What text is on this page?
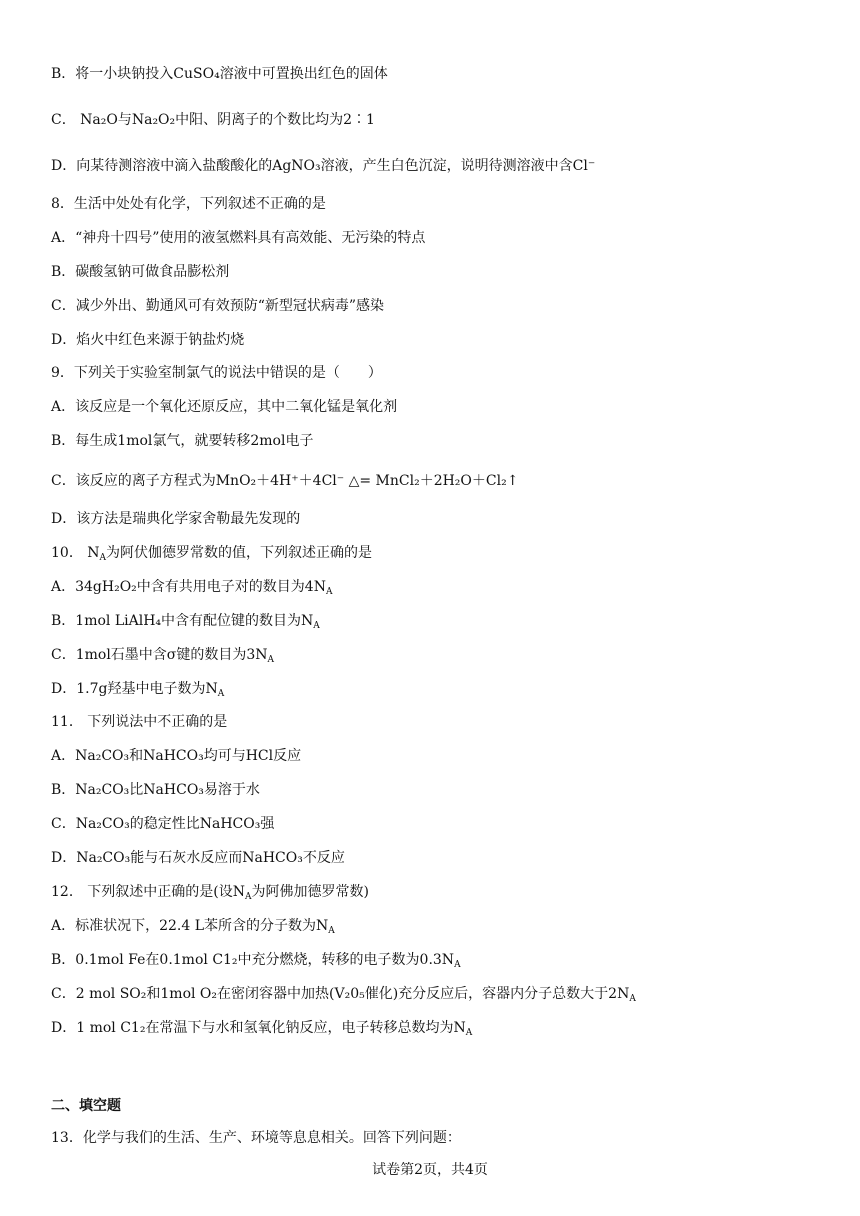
B．将一小块钠投入CuSO₄溶液中可置换出红色的固体
C． Na₂O与Na₂O₂中阳、阴离子的个数比均为2∶1
D．向某待测溶液中滴入盐酸酸化的AgNO₃溶液，产生白色沉淀，说明待测溶液中含Cl⁻
8．生活中处处有化学，下列叙述不正确的是
A．“神舟十四号”使用的液氢燃料具有高效能、无污染的特点
B．碳酸氢钠可做食品膨松剂
C．减少外出、勤通风可有效预防“新型冠状病毒”感染
D．焰火中红色来源于钠盐灼烧
9．下列关于实验室制氯气的说法中错误的是（　　）
A．该反应是一个氧化还原反应，其中二氧化锰是氧化剂
B．每生成1mol氯气，就要转移2mol电子
C．该反应的离子方程式为MnO₂＋4H⁺＋4Cl⁻ △= MnCl₂＋2H₂O＋Cl₂↑
D．该方法是瑞典化学家舍勒最先发现的
10． $N_A$为阿伏伽德罗常数的值，下列叙述正确的是
A．34gH₂O₂中含有共用电子对的数目为$4N_A$
B．1mol LiAlH₄中含有配位键的数目为$N_A$
C．1mol石墨中含σ键的数目为$3N_A$
D．1.7g羟基中电子数为$N_A$
11． 下列说法中不正确的是
A．Na₂CO₃和NaHCO₃均可与HCl反应
B．Na₂CO₃比NaHCO₃易溶于水
C．Na₂CO₃的稳定性比NaHCO₃强
D．Na₂CO₃能与石灰水反应而NaHCO₃不反应
12． 下列叙述中正确的是(设$N_A$为阿佛加德罗常数)
A．标准状况下，22.4 L苯所含的分子数为$N_A$
B．0.1mol Fe在0.1mol C1₂中充分燃烧，转移的电子数为$0.3N_A$
C．2 mol SO₂和1mol O₂在密闭容器中加热(V₂0₅催化)充分反应后，容器内分子总数大于$2N_A$
D．1 mol C1₂在常温下与水和氢氧化钠反应，电子转移总数均为$N_A$
二、填空题
13．化学与我们的生活、生产、环境等息息相关。回答下列问题：
试卷第2页，共4页
